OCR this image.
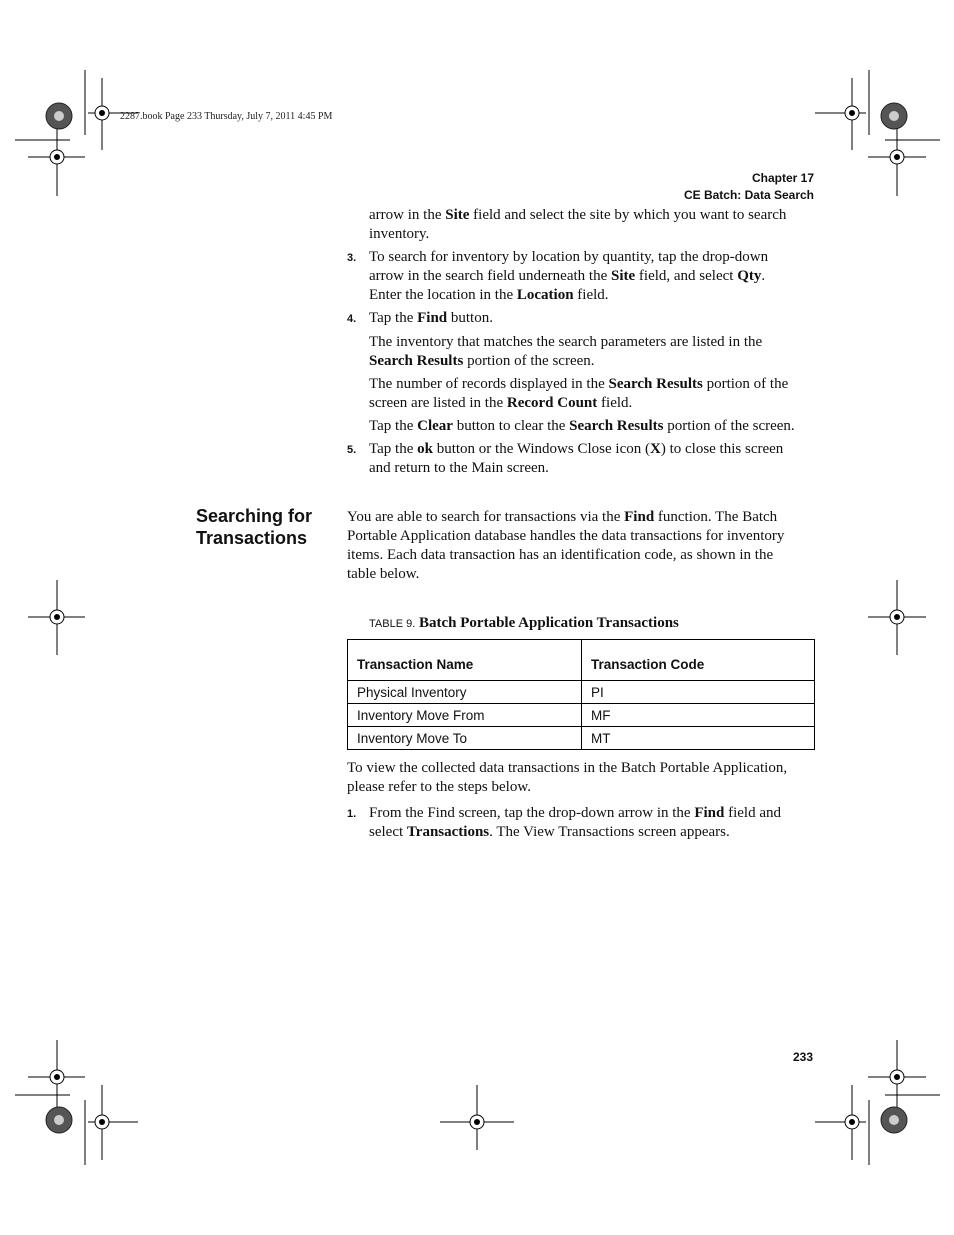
2287.book Page 233 Thursday, July 7, 2011 4:45 PM
Chapter 17
CE Batch: Data Search
arrow in the Site field and select the site by which you want to search
inventory.
3. To search for inventory by location by quantity, tap the drop-down
arrow in the search field underneath the Site field, and select Qty.
Enter the location in the Location field.
4. Tap the Find button.
The inventory that matches the search parameters are listed in the
Search Results portion of the screen.
The number of records displayed in the Search Results portion of the
screen are listed in the Record Count field.
Tap the Clear button to clear the Search Results portion of the screen.
5. Tap the ok button or the Windows Close icon (X) to close this screen
and return to the Main screen.
Searching for
Transactions
You are able to search for transactions via the Find function. The Batch
Portable Application database handles the data transactions for inventory
items. Each data transaction has an identification code, as shown in the
table below.
TABLE 9. Batch Portable Application Transactions
Transaction Name	Transaction Code
Physical Inventory	PI
Inventory Move From	MF
Inventory Move To	MT
To view the collected data transactions in the Batch Portable Application,
please refer to the steps below.
1. From the Find screen, tap the drop-down arrow in the Find field and
select Transactions. The View Transactions screen appears.
233
